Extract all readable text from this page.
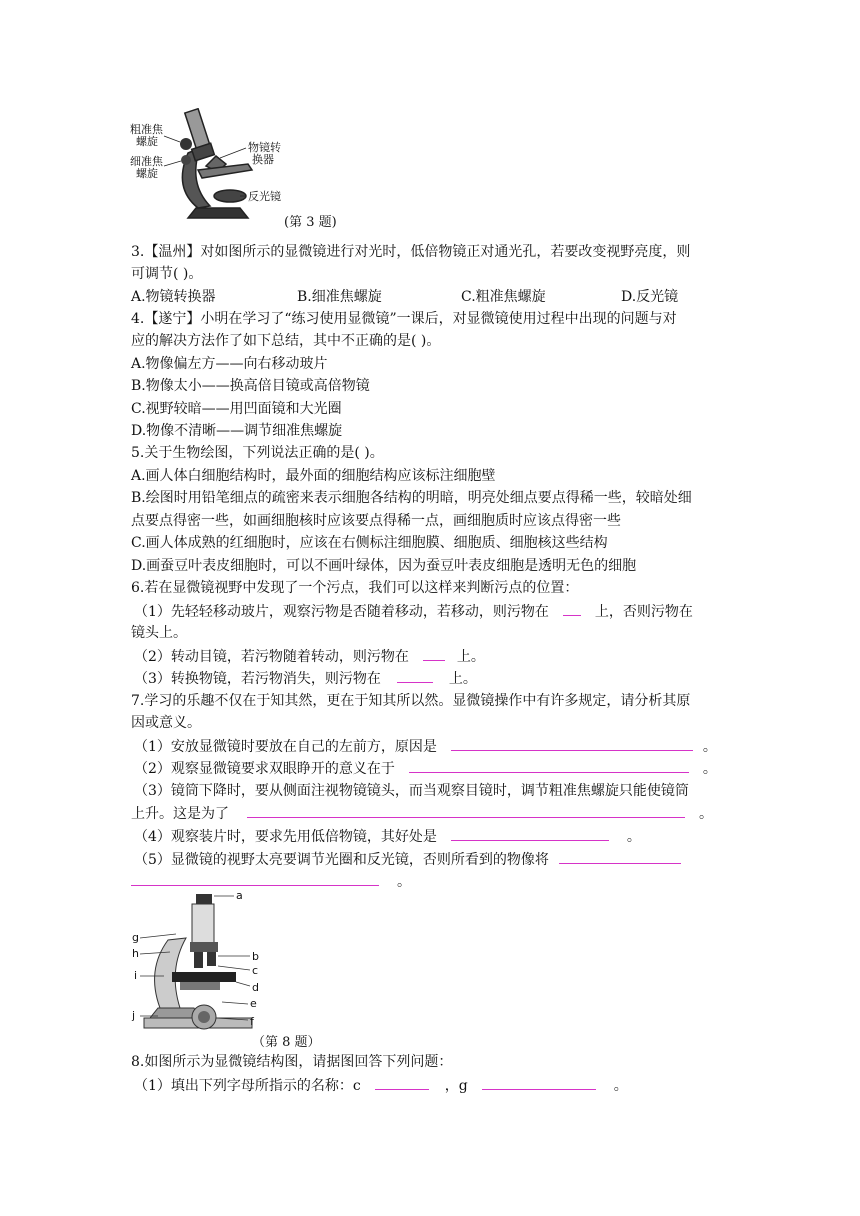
粗准焦
螺旋
细准焦
螺旋
物镜转
换器
反光镜
(第 3 题)
3.【温州】对如图所示的显微镜进行对光时，低倍物镜正对通光孔，若要改变视野亮度，则
可调节( )。
A.物镜转换器	B.细准焦螺旋	C.粗准焦螺旋	D.反光镜
4.【遂宁】小明在学习了“练习使用显微镜”一课后，对显微镜使用过程中出现的问题与对
应的解决方法作了如下总结，其中不正确的是( )。
A.物像偏左方——向右移动玻片
B.物像太小——换高倍目镜或高倍物镜
C.视野较暗——用凹面镜和大光圈
D.物像不清晰——调节细准焦螺旋
5.关于生物绘图，下列说法正确的是( )。
A.画人体白细胞结构时，最外面的细胞结构应该标注细胞壁
B.绘图时用铅笔细点的疏密来表示细胞各结构的明暗，明亮处细点要点得稀一些，较暗处细
点要点得密一些，如画细胞核时应该要点得稀一点，画细胞质时应该点得密一些
C.画人体成熟的红细胞时，应该在右侧标注细胞膜、细胞质、细胞核这些结构
D.画蚕豆叶表皮细胞时，可以不画叶绿体，因为蚕豆叶表皮细胞是透明无色的细胞
6.若在显微镜视野中发现了一个污点，我们可以这样来判断污点的位置：
（1）先轻轻移动玻片，观察污物是否随着移动，若移动，则污物在	上，否则污物在
镜头上。
（2）转动目镜，若污物随着转动，则污物在	上。
（3）转换物镜，若污物消失，则污物在	上。
7.学习的乐趣不仅在于知其然，更在于知其所以然。显微镜操作中有许多规定，请分析其原
因或意义。
（1）安放显微镜时要放在自己的左前方，原因是	。
（2）观察显微镜要求双眼睁开的意义在于	。
（3）镜筒下降时，要从侧面注视物镜镜头，而当观察目镜时，调节粗准焦螺旋只能使镜筒
上升。这是为了	。
（4）观察装片时，要求先用低倍物镜，其好处是	。
（5）显微镜的视野太亮要调节光圈和反光镜，否则所看到的物像将
。
a
g
h
i
b
c
d
e
j	f
（第 8 题）
8.如图所示为显微镜结构图，请据图回答下列问题：
（1）填出下列字母所指示的名称：c	，g	。
